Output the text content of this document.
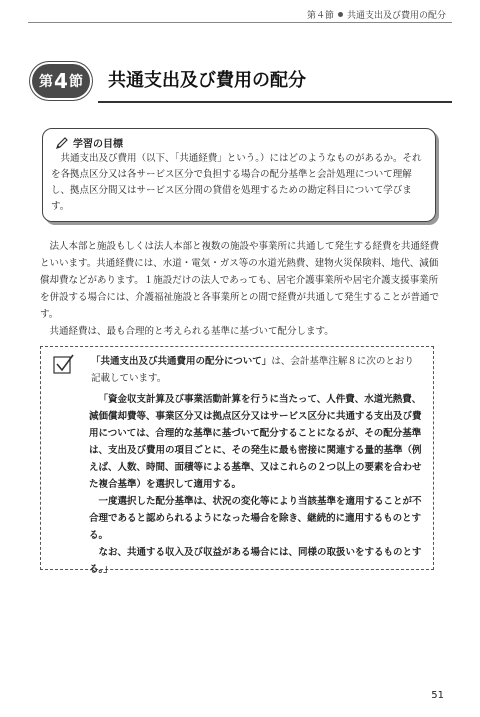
第４節 共通支出及び費用の配分
第 4 節 共通支出及び費用の配分
学習の目標

共通支出及び費用（以下、「共通経費」という。）にはどのようなものがあるか。それを各拠点区分又は各サービス区分で負担する場合の配分基準と会計処理について理解し、拠点区分間又はサービス区分間の貸借を処理するための勘定科目について学びます。

法人本部と施設もしくは法人本部と複数の施設や事業所に共通して発生する経費を共通経費といいます。共通経費には、水道・電気・ガス等の水道光熱費、建物火災保険料、地代、減価償却費などがあります。１施設だけの法人であっても、居宅介護事業所や居宅介護支援事業所を併設する場合には、介護福祉施設と各事業所との間で経費が共通して発生することが普通です。

共通経費は、最も合理的と考えられる基準に基づいて配分します。

「共通支出及び共通費用の配分について」は、会計基準注解８に次のとおり記載しています。

「資金収支計算及び事業活動計算を行うに当たって、人件費、水道光熱費、減価償却費等、事業区分又は拠点区分又はサービス区分に共通する支出及び費用については、合理的な基準に基づいて配分することになるが、その配分基準は、支出及び費用の項目ごとに、その発生に最も密接に関連する量的基準（例えば、人数、時間、面積等による基準、又はこれらの２つ以上の要素を合わせた複合基準）を選択して適用する。

一度選択した配分基準は、状況の変化等により当該基準を適用することが不合理であると認められるようになった場合を除き、継続的に適用するものとする。

なお、共通する収入及び収益がある場合には、同様の取扱いをするものとする。」

51
